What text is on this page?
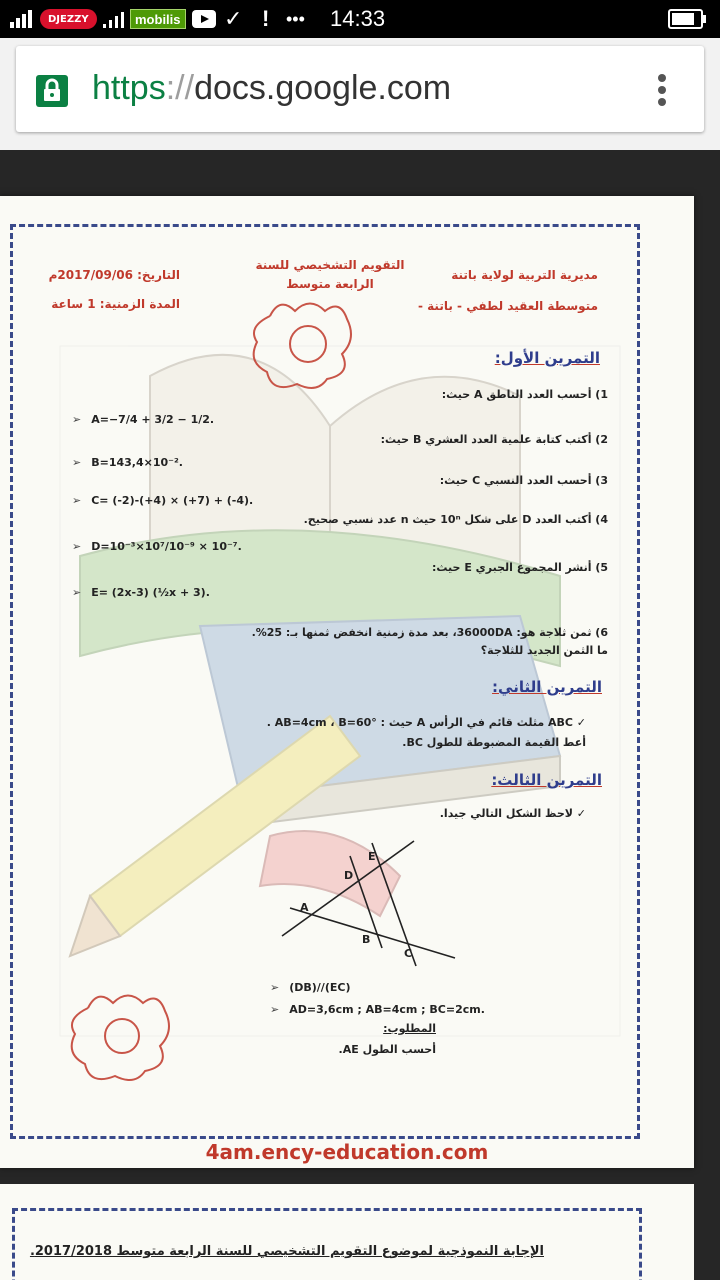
DJEZZY	mobilis ✓ ! ••• 14:33
https://docs.google.com
مديرية التربية لولاية باتنة
متوسطة العقيد لطفي - باتنة -
التقويم التشخيصي للسنة
الرابعة متوسط
التاريخ: 2017/09/06م
المدة الزمنية: 1 ساعة
التمرين الأول:
1) أحسب العدد الناطق A حيث:
2) أكتب كتابة علمية العدد العشري B حيث:
3) أحسب العدد النسبي C حيث:
4) أكتب العدد D على شكل 10ⁿ حيث n عدد نسبي صحيح.
5) أنشر المجموع الجبري E حيث:
6) ثمن ثلاجة هو: 36000DA، بعد مدة زمنية انخفض ثمنها بـ: 25%.
ما الثمن الجديد للثلاجة؟
➢ A=−7/4 + 3/2 − 1/2.
➢ B=143,4×10⁻².
➢ C= (-2)-(+4) × (+7) + (-4).
➢ D=10⁻³×10⁷/10⁻⁹ × 10⁻⁷.
➢ E= (2x-3) (½x + 3).
التمرين الثاني:
✓ ABC مثلث قائم في الرأس A حيث : AB=4cm ، B=60° .
أعط القيمة المضبوطة للطول BC.
التمرين الثالث:
✓ لاحظ الشكل التالي جيدا.
A
B
C
D
E
➢ (DB)//(EC)
➢ AD=3,6cm ; AB=4cm ; BC=2cm.
المطلوب:
أحسب الطول AE.
4am.ency-education.com
الإجابة النموذجية لموضوع التقويم التشخيصي للسنة الرابعة متوسط 2017/2018.
